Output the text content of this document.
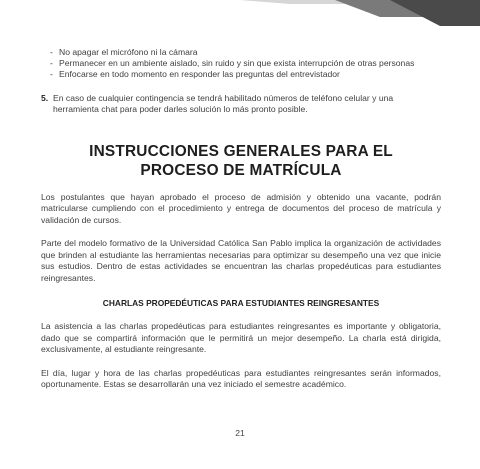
- No apagar el micrófono ni la cámara
- Permanecer en un ambiente aislado, sin ruido y sin que exista interrupción de otras personas
- Enfocarse en todo momento en responder las preguntas del entrevistador
5. En caso de cualquier contingencia se tendrá habilitado números de teléfono celular y una herramienta chat para poder darles solución lo más pronto posible.
INSTRUCCIONES GENERALES PARA EL
PROCESO DE MATRÍCULA

Los postulantes que hayan aprobado el proceso de admisión y obtenido una vacante, podrán matricularse cumpliendo con el procedimiento y entrega de documentos del proceso de matrícula y validación de cursos.

Parte del modelo formativo de la Universidad Católica San Pablo implica la organización de actividades que brinden al estudiante las herramientas necesarias para optimizar su desempeño una vez que inicie sus estudios. Dentro de estas actividades se encuentran las charlas propedéuticas para estudiantes reingresantes.

CHARLAS PROPEDÉUTICAS PARA ESTUDIANTES REINGRESANTES

La asistencia a las charlas propedéuticas para estudiantes reingresantes es importante y obligatoria, dado que se compartirá información que le permitirá un mejor desempeño. La charla está dirigida, exclusivamente, al estudiante reingresante.

El día, lugar y hora de las charlas propedéuticas para estudiantes reingresantes serán informados, oportunamente. Estas se desarrollarán una vez iniciado el semestre académico.

21
